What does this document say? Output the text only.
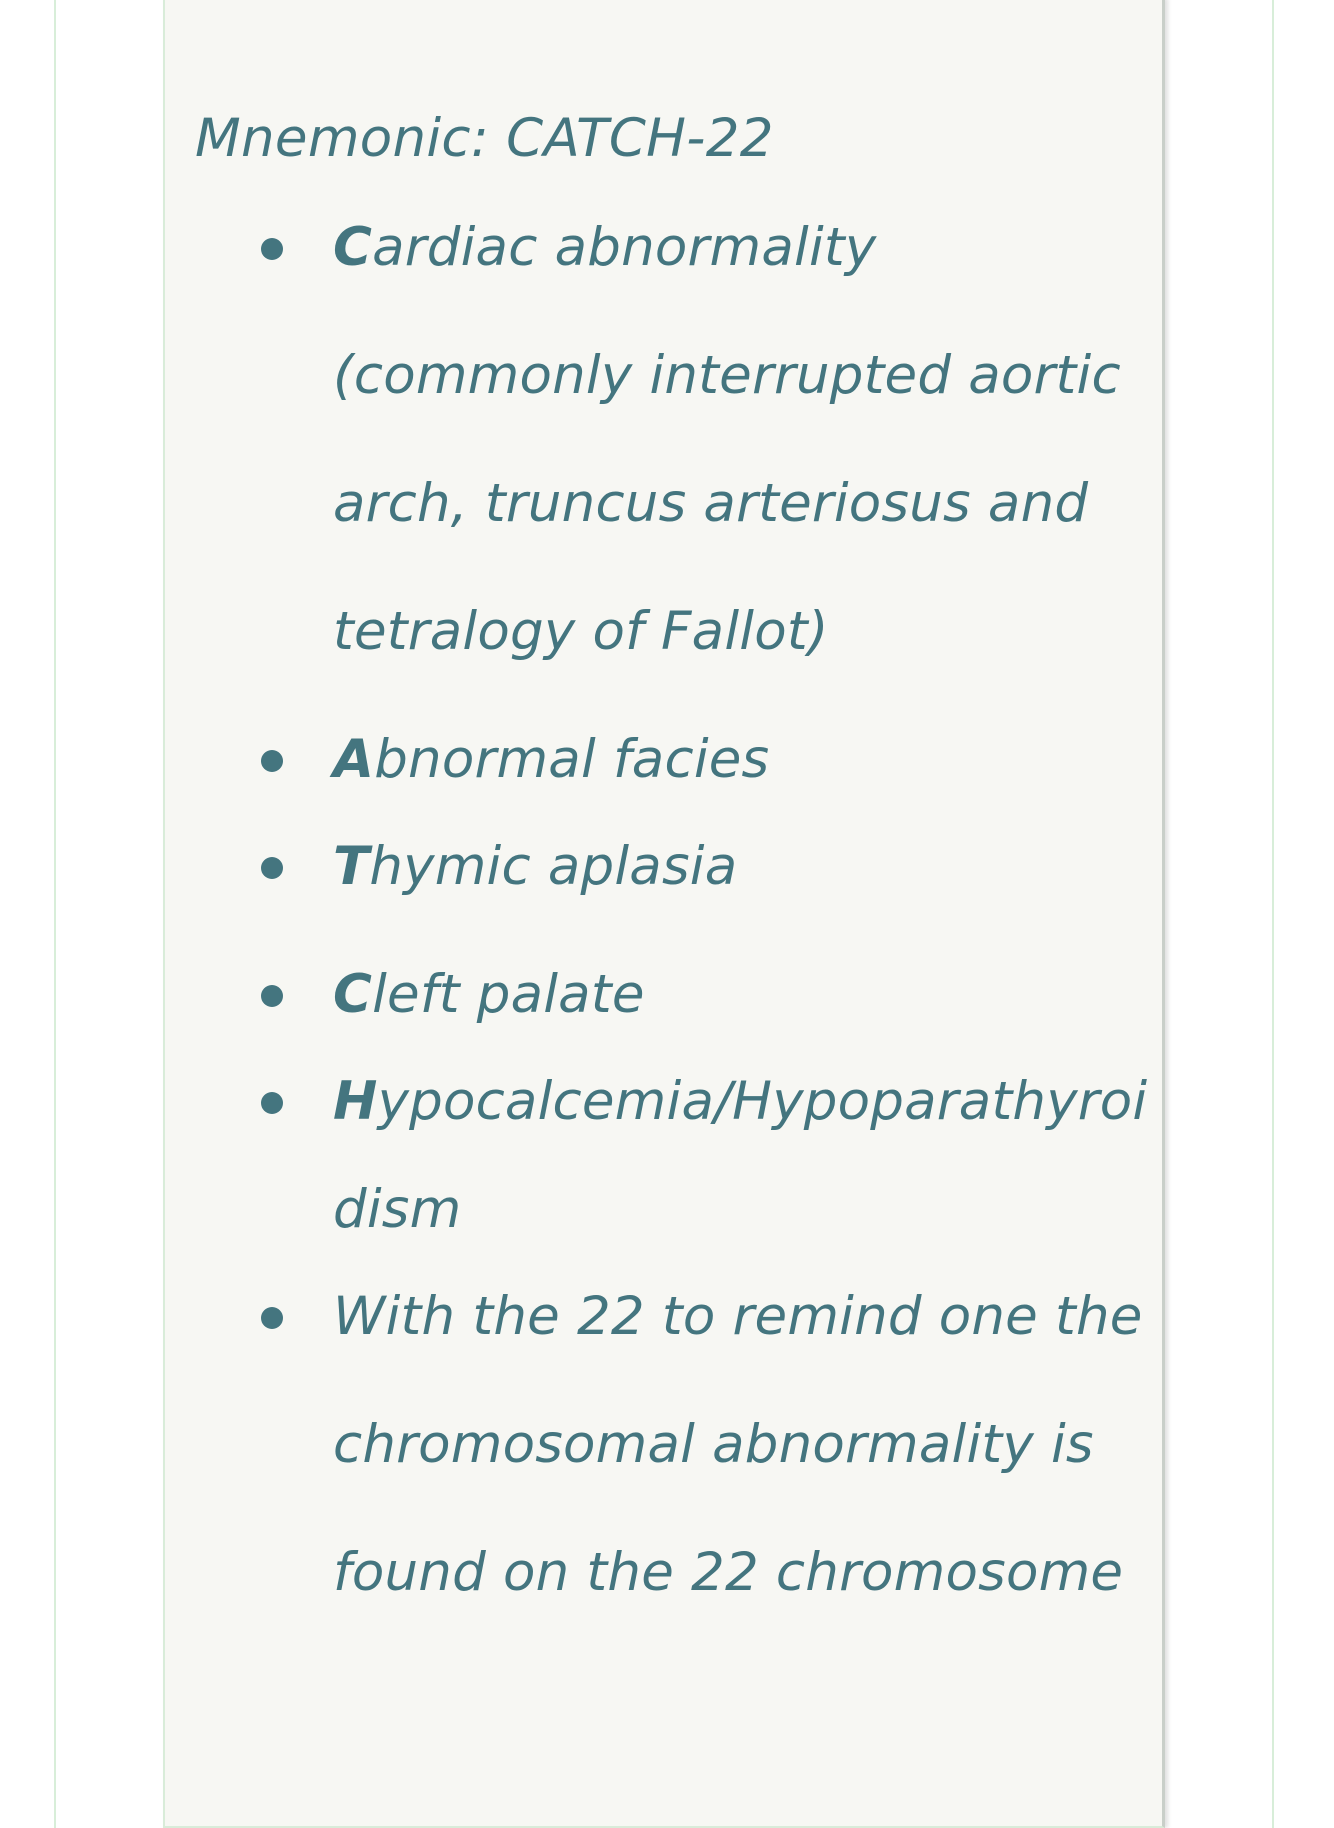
Mnemonic: CATCH-22
Cardiac abnormality
(commonly interrupted aortic
arch, truncus arteriosus and
tetralogy of Fallot)
Abnormal facies
Thymic aplasia
Cleft palate
Hypocalcemia/Hypoparathyroi
dism
With the 22 to remind one the
chromosomal abnormality is
found on the 22 chromosome
